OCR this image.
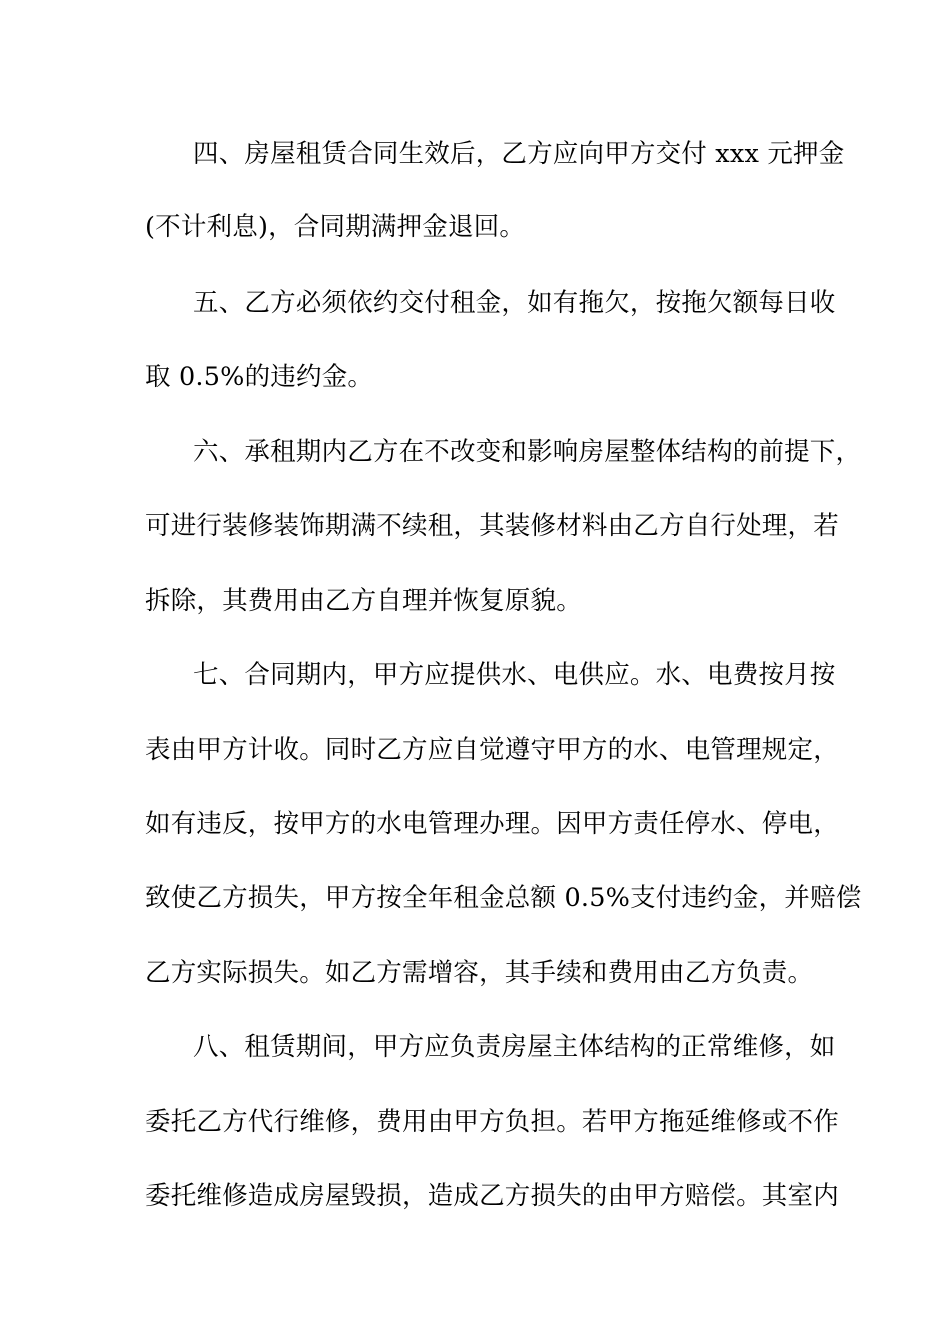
四、房屋租赁合同生效后，乙方应向甲方交付 xxx 元押金
(不计利息)，合同期满押金退回。
五、乙方必须依约交付租金，如有拖欠，按拖欠额每日收
取 0.5%的违约金。
六、承租期内乙方在不改变和影响房屋整体结构的前提下，
可进行装修装饰期满不续租，其装修材料由乙方自行处理，若
拆除，其费用由乙方自理并恢复原貌。
七、合同期内，甲方应提供水、电供应。水、电费按月按
表由甲方计收。同时乙方应自觉遵守甲方的水、电管理规定，
如有违反，按甲方的水电管理办理。因甲方责任停水、停电，
致使乙方损失，甲方按全年租金总额 0.5%支付违约金，并赔偿
乙方实际损失。如乙方需增容，其手续和费用由乙方负责。
八、租赁期间，甲方应负责房屋主体结构的正常维修，如
委托乙方代行维修，费用由甲方负担。若甲方拖延维修或不作
委托维修造成房屋毁损，造成乙方损失的由甲方赔偿。其室内
